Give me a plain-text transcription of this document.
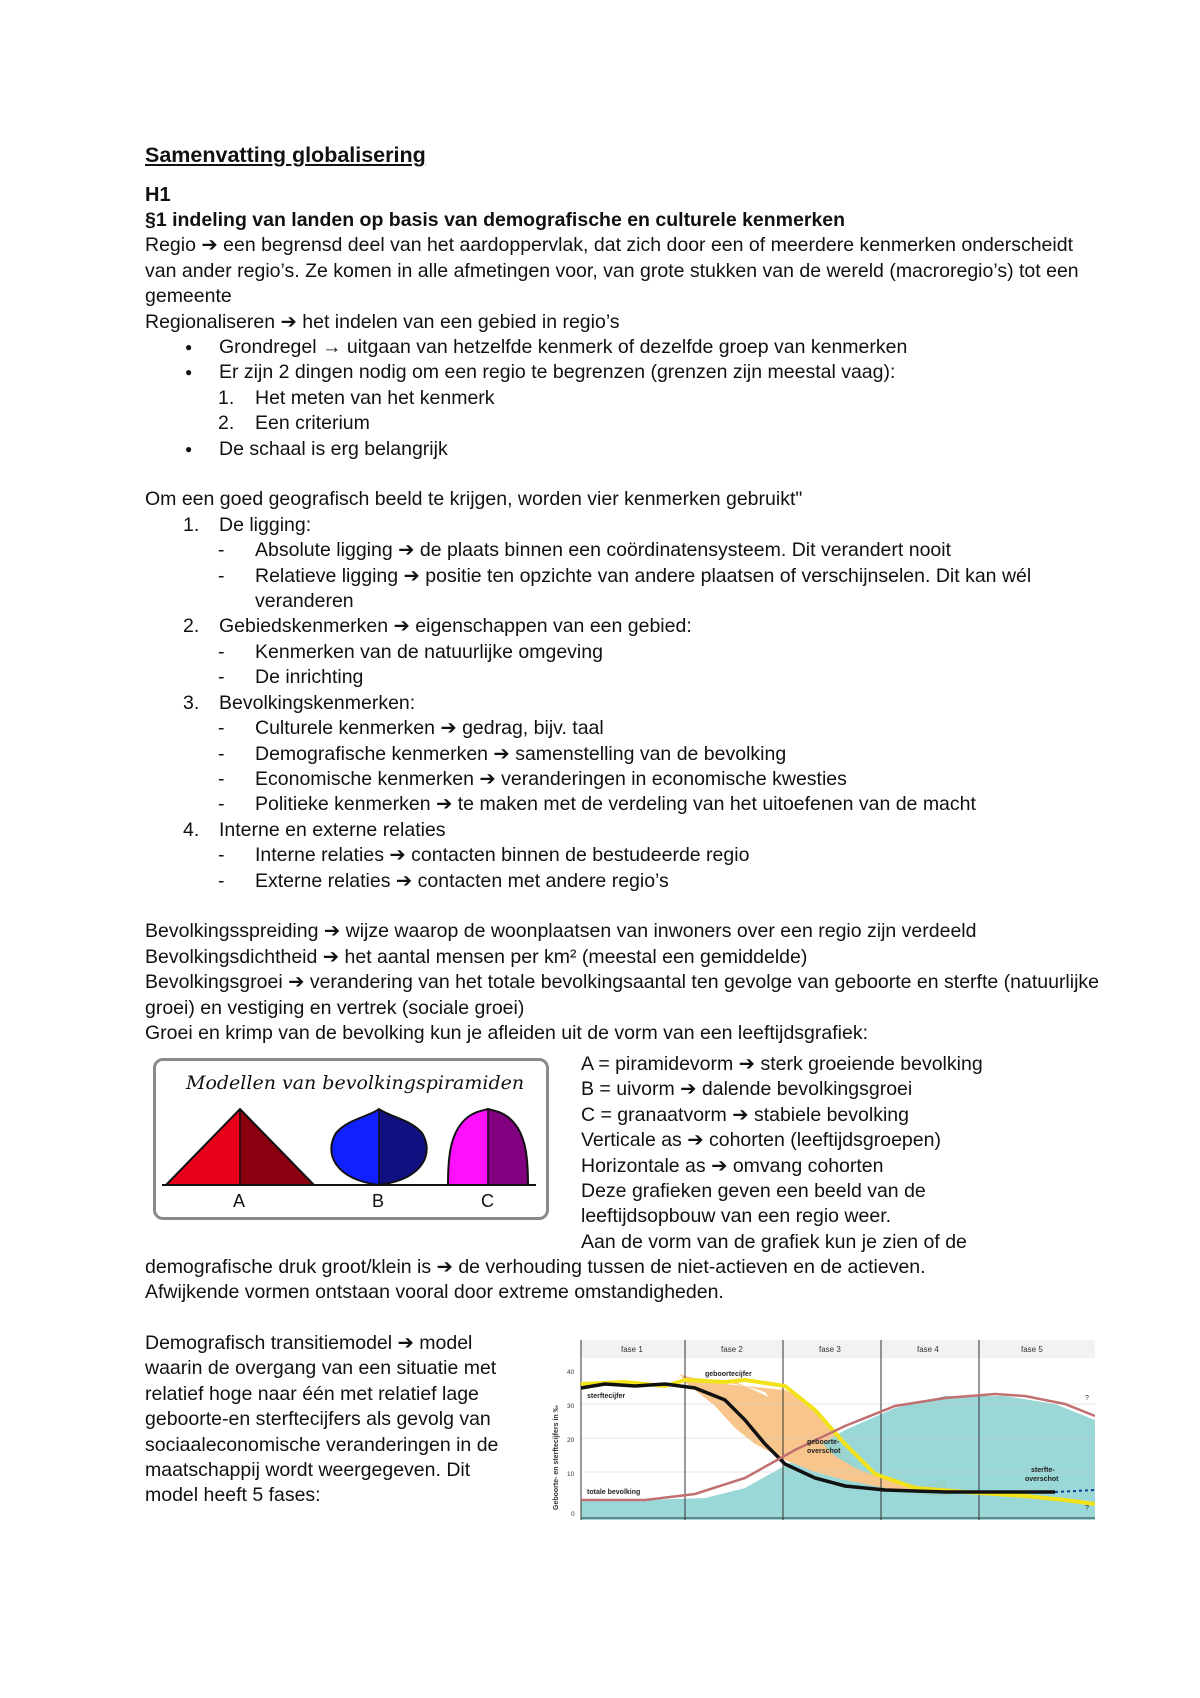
Samenvatting globalisering
H1
§1 indeling van landen op basis van demografische en culturele kenmerken
Regio ➔ een begrensd deel van het aardoppervlak, dat zich door een of meerdere kenmerken onderscheidt van ander regio’s. Ze komen in alle afmetingen voor, van grote stukken van de wereld (macroregio’s) tot een gemeente
Regionaliseren ➔ het indelen van een gebied in regio’s
● Grondregel → uitgaan van hetzelfde kenmerk of dezelfde groep van kenmerken
● Er zijn 2 dingen nodig om een regio te begrenzen (grenzen zijn meestal vaag):
1. Het meten van het kenmerk
2. Een criterium
● De schaal is erg belangrijk
Om een goed geografisch beeld te krijgen, worden vier kenmerken gebruikt"
1. De ligging:
- Absolute ligging ➔ de plaats binnen een coördinatensysteem. Dit verandert nooit
- Relatieve ligging ➔ positie ten opzichte van andere plaatsen of verschijnselen. Dit kan wél veranderen
2. Gebiedskenmerken ➔ eigenschappen van een gebied:
- Kenmerken van de natuurlijke omgeving
- De inrichting
3. Bevolkingskenmerken:
- Culturele kenmerken ➔ gedrag, bijv. taal
- Demografische kenmerken ➔ samenstelling van de bevolking
- Economische kenmerken ➔ veranderingen in economische kwesties
- Politieke kenmerken ➔ te maken met de verdeling van het uitoefenen van de macht
4. Interne en externe relaties
- Interne relaties ➔ contacten binnen de bestudeerde regio
- Externe relaties ➔ contacten met andere regio’s
Bevolkingsspreiding ➔ wijze waarop de woonplaatsen van inwoners over een regio zijn verdeeld
Bevolkingsdichtheid ➔ het aantal mensen per km² (meestal een gemiddelde)
Bevolkingsgroei ➔ verandering van het totale bevolkingsaantal ten gevolge van geboorte en sterfte (natuurlijke groei) en vestiging en vertrek (sociale groei)
Groei en krimp van de bevolking kun je afleiden uit de vorm van een leeftijdsgrafiek:
Modellen van bevolkingspiramiden
A	B	C
A = piramidevorm ➔ sterk groeiende bevolking
B = uivorm ➔ dalende bevolkingsgroei
C = granaatvorm ➔ stabiele bevolking
Verticale as ➔ cohorten (leeftijdsgroepen)
Horizontale as ➔ omvang cohorten
Deze grafieken geven een beeld van de leeftijdsopbouw van een regio weer.
Aan de vorm van de grafiek kun je zien of de
demografische druk groot/klein is ➔ de verhouding tussen de niet-actieven en de actieven.
Afwijkende vormen ontstaan vooral door extreme omstandigheden.
Demografisch transitiemodel ➔ model waarin de overgang van een situatie met relatief hoge naar één met relatief lage geboorte-en sterftecijfers als gevolg van sociaaleconomische veranderingen in de maatschappij wordt weergegeven. Dit model heeft 5 fases:
fase 1	fase 2	fase 3	fase 4	fase 5
40
30
20
10
0
Geboorte- en sterftecijfers in ‰
geboortecijfer
sterftecijfer
geboorte-
overschot
sterfte-
overschot
totale bevolking
?
?
